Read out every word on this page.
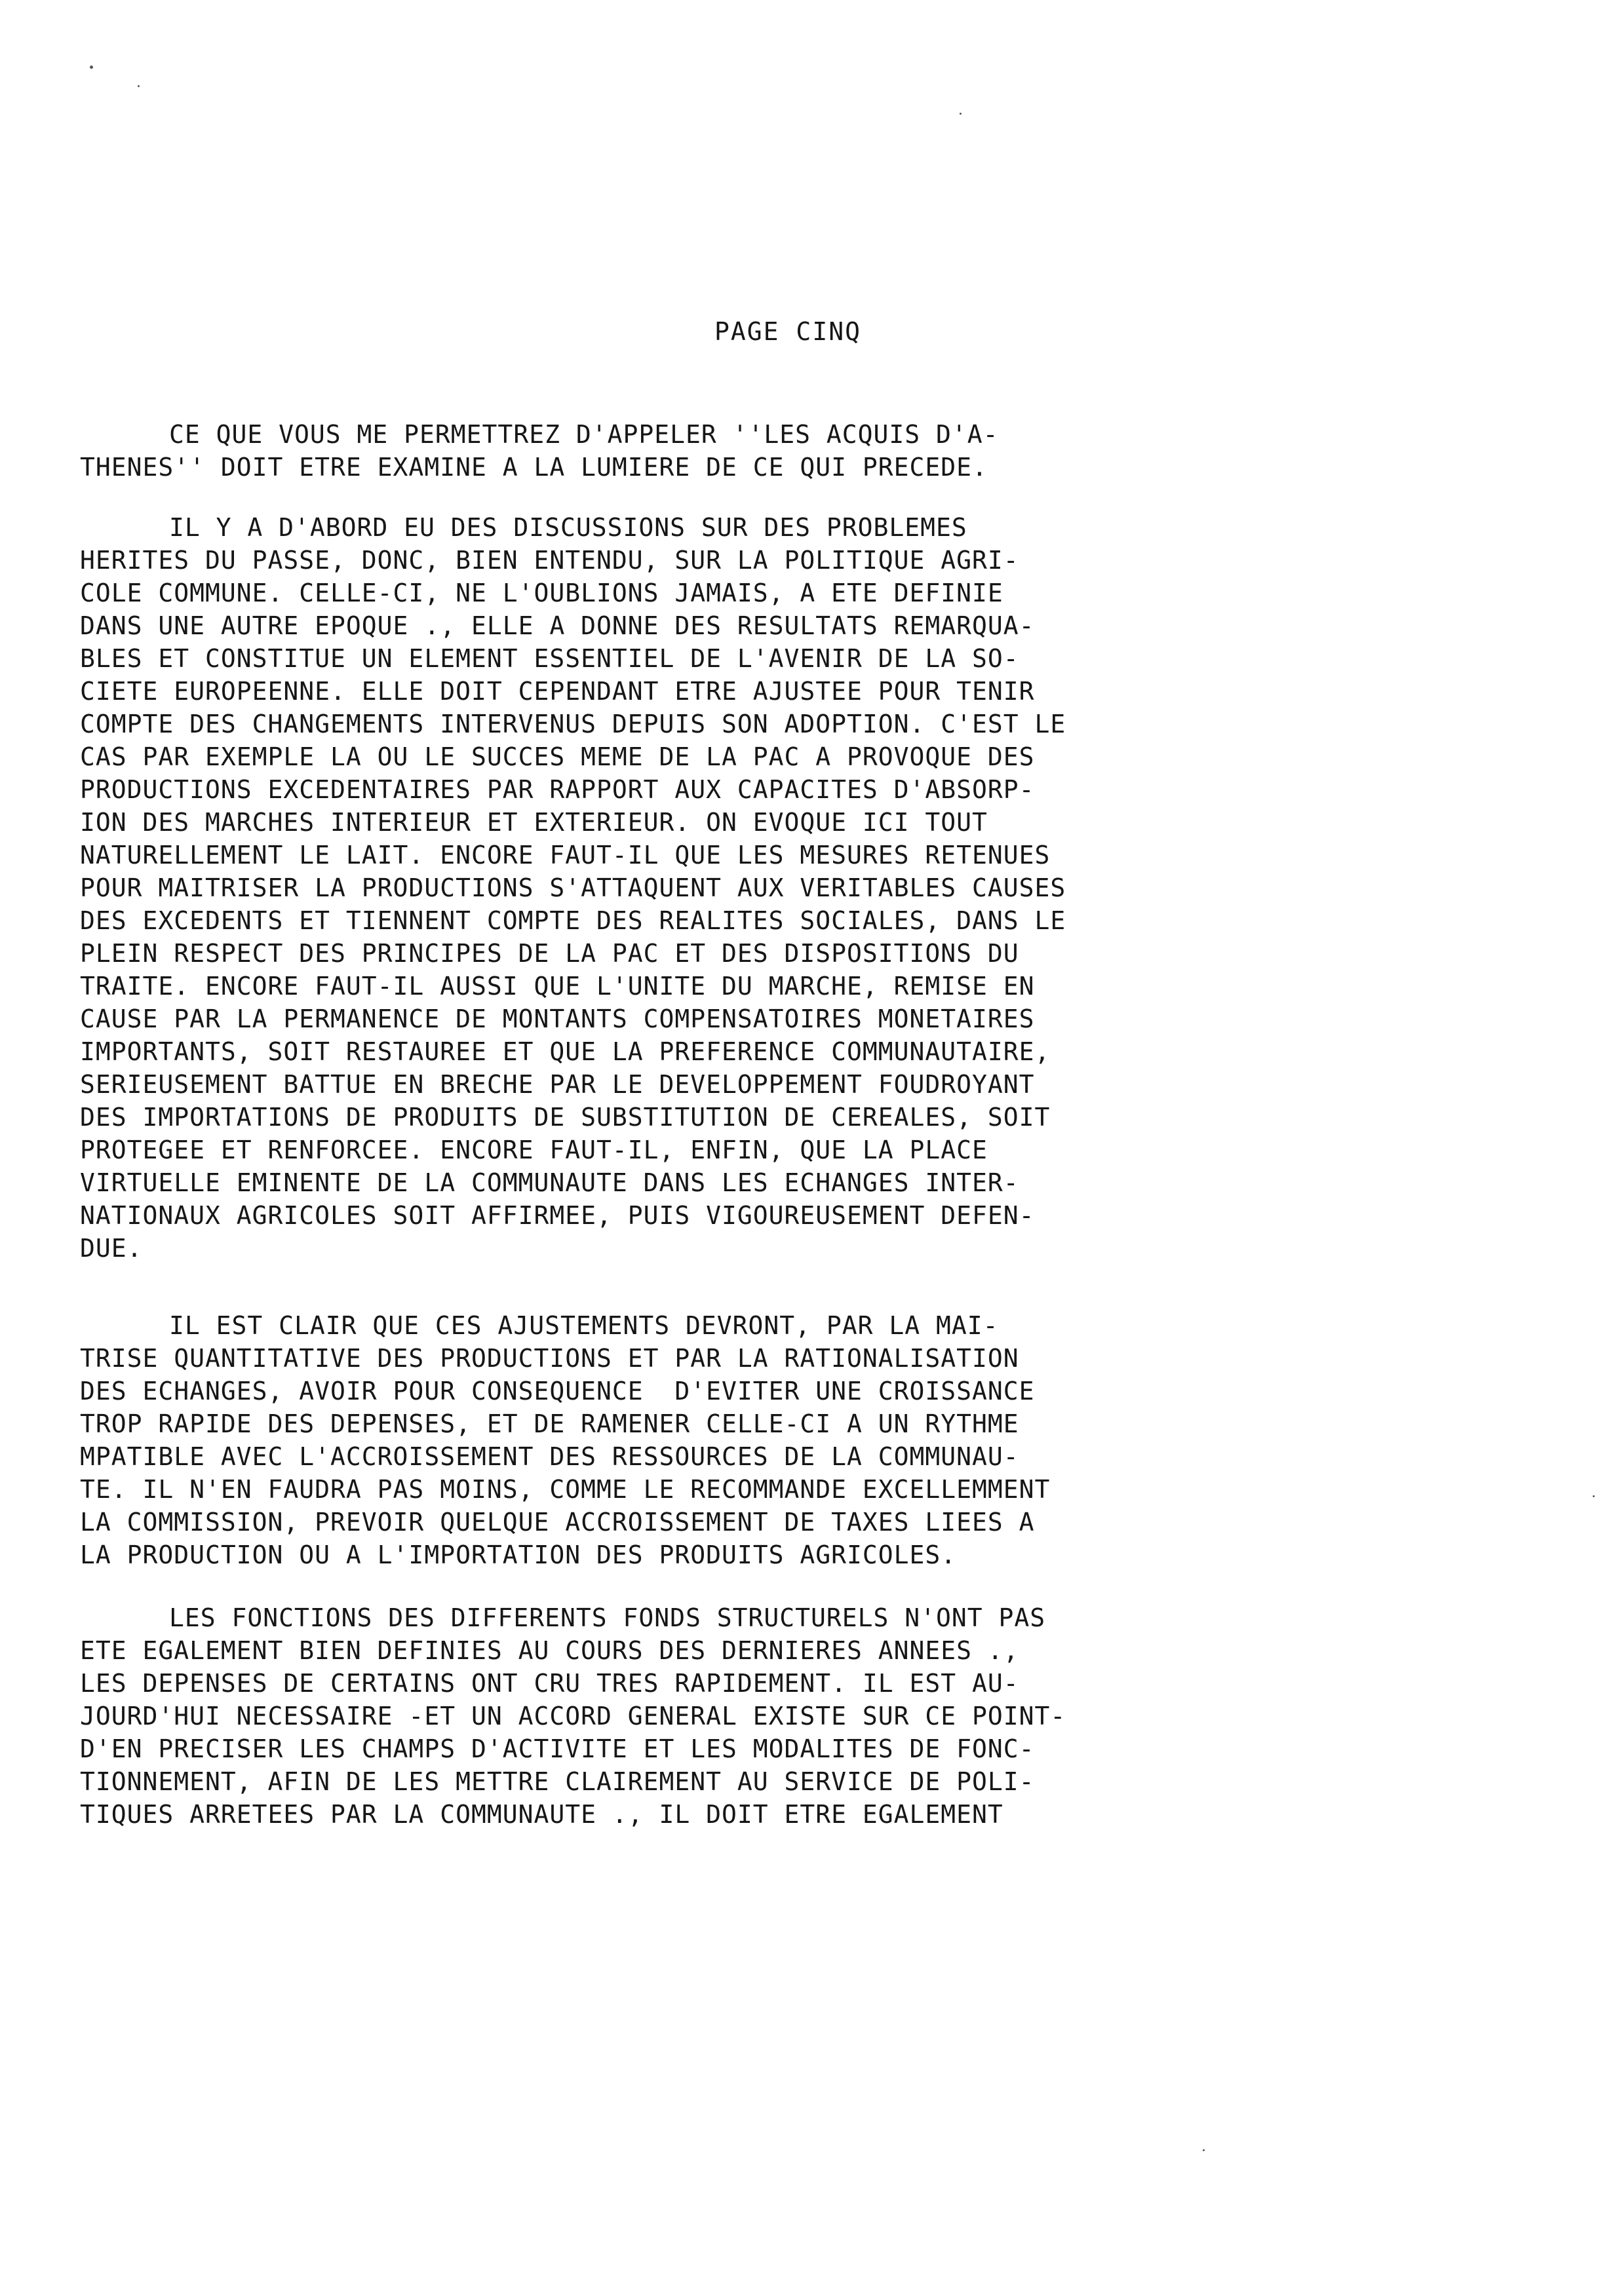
PAGE CINQ
CE QUE VOUS ME PERMETTREZ D'APPELER ''LES ACQUIS D'A-
THENES'' DOIT ETRE EXAMINE A LA LUMIERE DE CE QUI PRECEDE.
IL Y A D'ABORD EU DES DISCUSSIONS SUR DES PROBLEMES
HERITES DU PASSE, DONC, BIEN ENTENDU, SUR LA POLITIQUE AGRI-
COLE COMMUNE. CELLE-CI, NE L'OUBLIONS JAMAIS, A ETE DEFINIE
DANS UNE AUTRE EPOQUE ., ELLE A DONNE DES RESULTATS REMARQUA-
BLES ET CONSTITUE UN ELEMENT ESSENTIEL DE L'AVENIR DE LA SO-
CIETE EUROPEENNE. ELLE DOIT CEPENDANT ETRE AJUSTEE POUR TENIR
COMPTE DES CHANGEMENTS INTERVENUS DEPUIS SON ADOPTION. C'EST LE
CAS PAR EXEMPLE LA OU LE SUCCES MEME DE LA PAC A PROVOQUE DES
PRODUCTIONS EXCEDENTAIRES PAR RAPPORT AUX CAPACITES D'ABSORP-
ION DES MARCHES INTERIEUR ET EXTERIEUR. ON EVOQUE ICI TOUT
NATURELLEMENT LE LAIT. ENCORE FAUT-IL QUE LES MESURES RETENUES
POUR MAITRISER LA PRODUCTIONS S'ATTAQUENT AUX VERITABLES CAUSES
DES EXCEDENTS ET TIENNENT COMPTE DES REALITES SOCIALES, DANS LE
PLEIN RESPECT DES PRINCIPES DE LA PAC ET DES DISPOSITIONS DU
TRAITE. ENCORE FAUT-IL AUSSI QUE L'UNITE DU MARCHE, REMISE EN
CAUSE PAR LA PERMANENCE DE MONTANTS COMPENSATOIRES MONETAIRES
IMPORTANTS, SOIT RESTAUREE ET QUE LA PREFERENCE COMMUNAUTAIRE,
SERIEUSEMENT BATTUE EN BRECHE PAR LE DEVELOPPEMENT FOUDROYANT
DES IMPORTATIONS DE PRODUITS DE SUBSTITUTION DE CEREALES, SOIT
PROTEGEE ET RENFORCEE. ENCORE FAUT-IL, ENFIN, QUE LA PLACE
VIRTUELLE EMINENTE DE LA COMMUNAUTE DANS LES ECHANGES INTER-
NATIONAUX AGRICOLES SOIT AFFIRMEE, PUIS VIGOUREUSEMENT DEFEN-
DUE.
IL EST CLAIR QUE CES AJUSTEMENTS DEVRONT, PAR LA MAI-
TRISE QUANTITATIVE DES PRODUCTIONS ET PAR LA RATIONALISATION
DES ECHANGES, AVOIR POUR CONSEQUENCE  D'EVITER UNE CROISSANCE
TROP RAPIDE DES DEPENSES, ET DE RAMENER CELLE-CI A UN RYTHME
MPATIBLE AVEC L'ACCROISSEMENT DES RESSOURCES DE LA COMMUNAU-
TE. IL N'EN FAUDRA PAS MOINS, COMME LE RECOMMANDE EXCELLEMMENT
LA COMMISSION, PREVOIR QUELQUE ACCROISSEMENT DE TAXES LIEES A
LA PRODUCTION OU A L'IMPORTATION DES PRODUITS AGRICOLES.
LES FONCTIONS DES DIFFERENTS FONDS STRUCTURELS N'ONT PAS
ETE EGALEMENT BIEN DEFINIES AU COURS DES DERNIERES ANNEES .,
LES DEPENSES DE CERTAINS ONT CRU TRES RAPIDEMENT. IL EST AU-
JOURD'HUI NECESSAIRE -ET UN ACCORD GENERAL EXISTE SUR CE POINT-
D'EN PRECISER LES CHAMPS D'ACTIVITE ET LES MODALITES DE FONC-
TIONNEMENT, AFIN DE LES METTRE CLAIREMENT AU SERVICE DE POLI-
TIQUES ARRETEES PAR LA COMMUNAUTE ., IL DOIT ETRE EGALEMENT
